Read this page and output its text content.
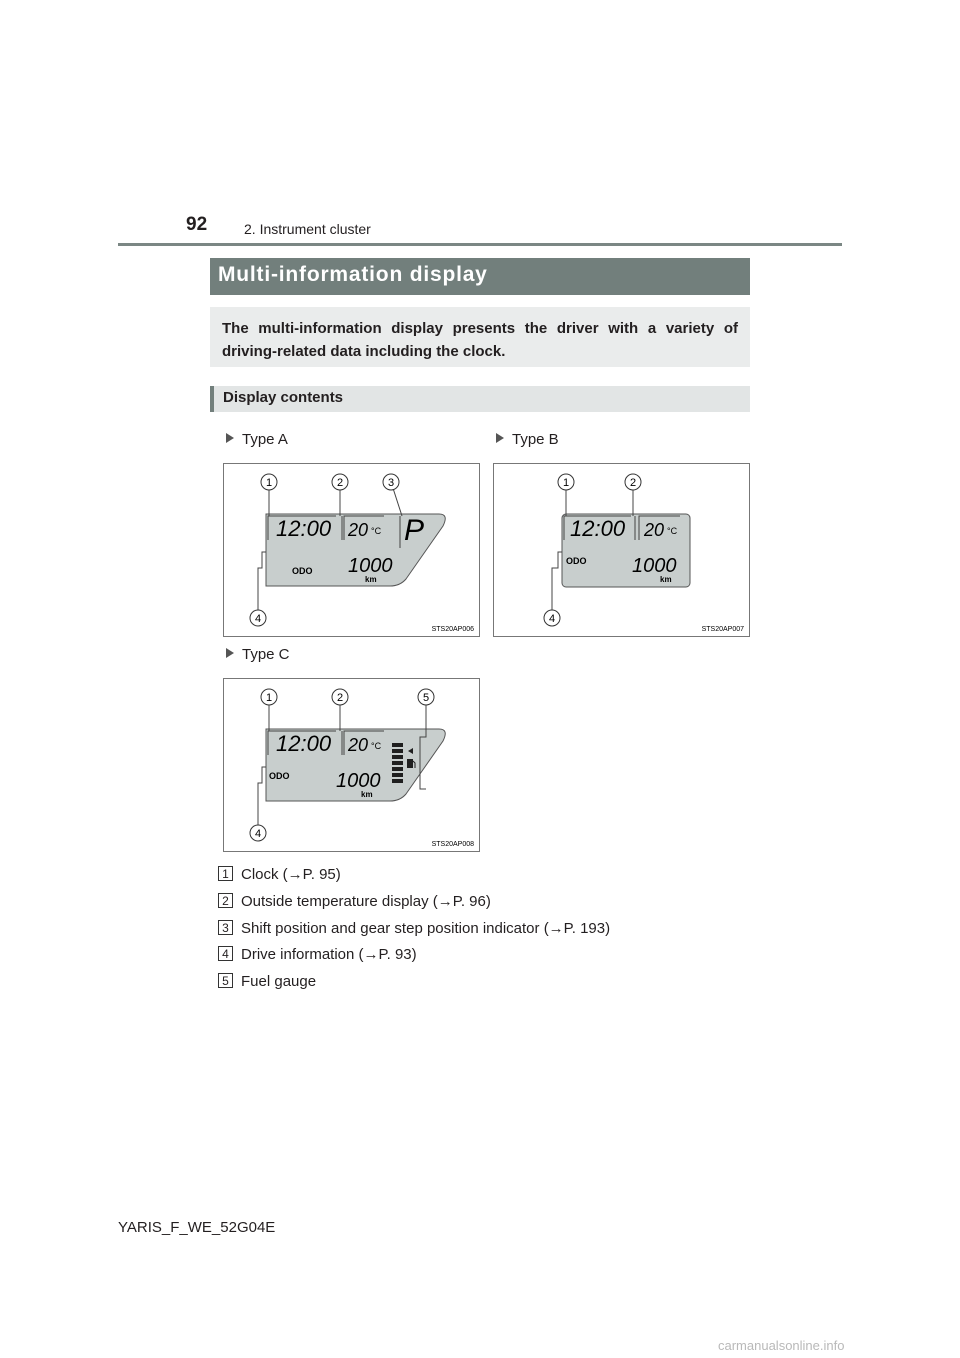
92	2. Instrument cluster
Multi-information display

The multi-information display presents the driver with a variety of driving-related data including the clock.

Display contents
Type A	Type B
Type C
12:00 20 °C P
ODO 1000
km
1	2	3
4
STS20AP006
12:00 20 °C
ODO 1000
km
1	2
4
STS20AP007
12:00 20 °C
ODO 1000
km
1	2	5
4
STS20AP008
1 Clock (→P. 95)
2 Outside temperature display (→P. 96)
3 Shift position and gear step position indicator (→P. 193)
4 Drive information (→P. 93)
5 Fuel gauge
YARIS_F_WE_52G04E
carmanualsonline.info
